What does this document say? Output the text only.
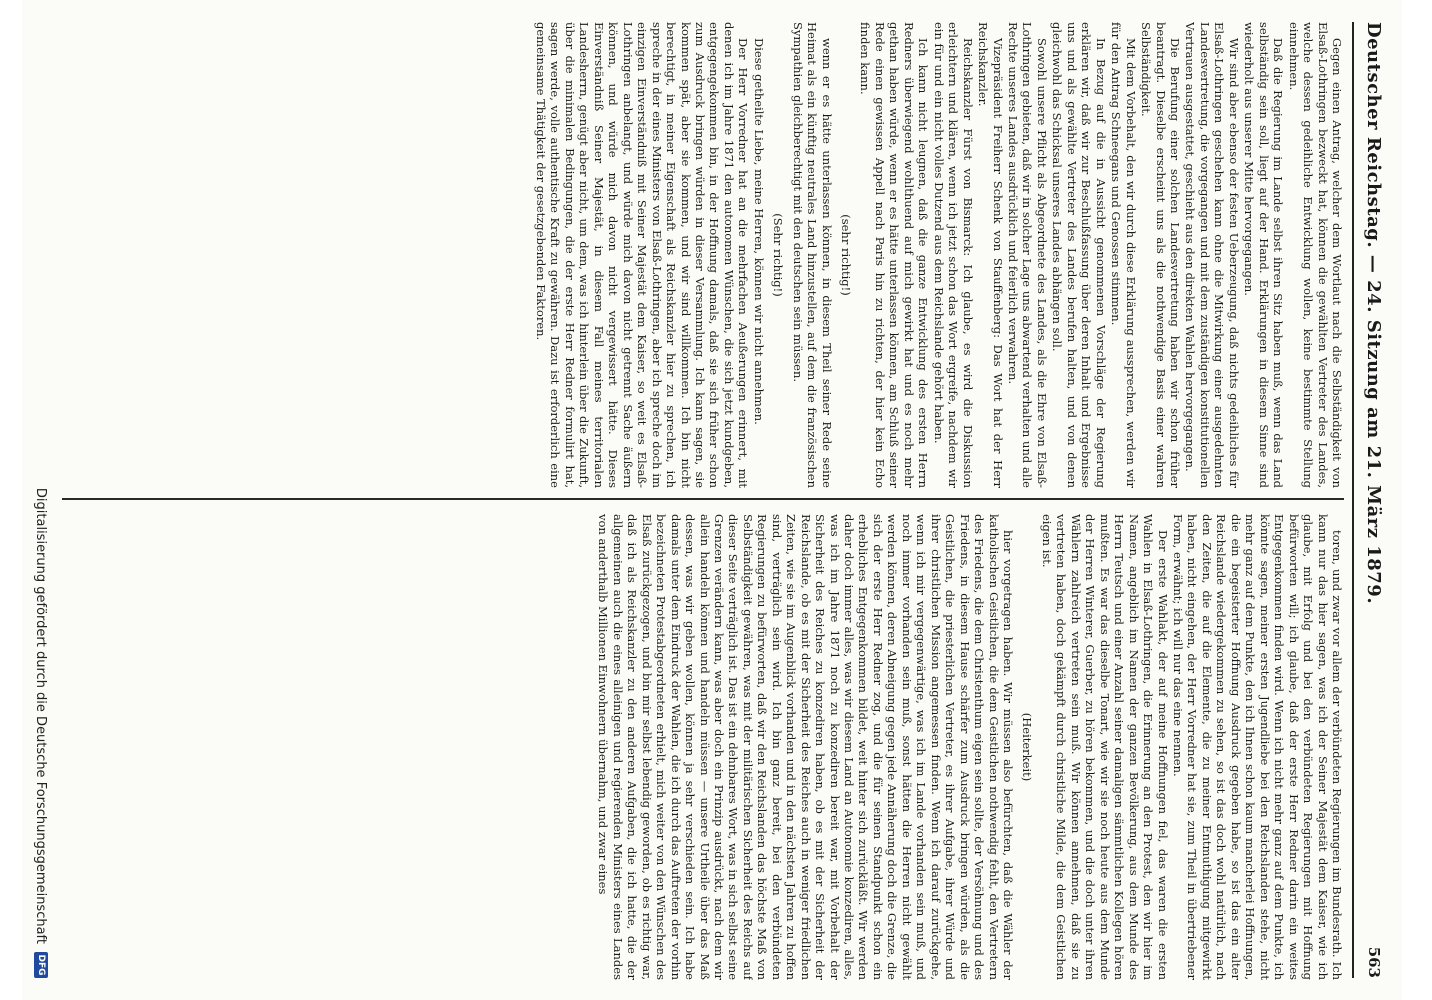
Deutscher Reichstag. — 24. Sitzung am 21. März 1879.
563

Gegen einen Antrag, welcher dem Wortlaut nach die Selbständigkeit von Elsaß-Lothringen bezweckt hat, können die gewählten Vertreter des Landes, welche dessen gedeihliche Entwicklung wollen, keine bestimmte Stellung einnehmen.

Daß die Regierung im Lande selbst ihren Sitz haben muß, wenn das Land selbständig sein soll, liegt auf der Hand. Erklärungen in diesem Sinne sind wiederholt aus unserer Mitte hervorgegangen.

Wir sind aber ebenso der festen Ueberzeugung, daß nichts gedeihliches für Elsaß-Lothringen geschehen kann ohne die Mitwirkung einer ausgedehnten Landesvertretung, die vorgegangen und mit dem zuständigen konstitutionellen Vertrauen ausgestattet, geschieht aus den direkten Wahlen hervorgegangen.

Die Berufung einer solchen Landesvertretung haben wir schon früher beantragt. Dieselbe erscheint uns als die nothwendige Basis einer wahren Selbständigkeit.

Mit dem Vorbehalt, den wir durch diese Erklärung aussprechen, werden wir für den Antrag Schneegans und Genossen stimmen.

In Bezug auf die in Aussicht genommenen Vorschläge der Regierung erklären wir, daß wir zur Beschlußfassung über deren Inhalt und Ergebnisse uns und als gewählte Vertreter des Landes berufen halten, und von denen gleichwohl das Schicksal unseres Landes abhängen soll.

Sowohl unsere Pflicht als Abgeordnete des Landes, als die Ehre von Elsaß-Lothringen gebieten, daß wir in solcher Lage uns abwartend verhalten und alle Rechte unseres Landes ausdrücklich und feierlich verwahren.

Vizepräsident Freiherr Schenk von Stauffenberg: Das Wort hat der Herr Reichskanzler.

Reichskanzler Fürst von Bismarck: Ich glaube, es wird die Diskussion erleichtern und klären, wenn ich jetzt schon das Wort ergreife, nachdem wir ein für und ein nicht volles Dutzend aus dem Reichslande gehört haben.

Ich kann nicht leugnen, daß die ganze Entwicklung des ersten Herrn Redners überwiegend wohlthuend auf mich gewirkt hat und es noch mehr gethan haben würde, wenn er es hätte unterlassen können, am Schluß seiner Rede einen gewissen Appell nach Paris hin zu richten, der hier kein Echo finden kann.

(sehr richtig!)

wenn er es hätte unterlassen können, in diesem Theil seiner Rede seine Heimat als ein künftig neutrales Land hinzustellen, auf dem die französischen Sympathien gleichberechtigt mit den deutschen sein müssen.

(Sehr richtig!)

Diese getheilte Liebe, meine Herren, können wir nicht annehmen.

Der Herr Vorredner hat an die mehrfachen Aeußerungen erinnert, mit denen ich im Jahre 1871 den autonomen Wünschen, die sich jetzt kundgeben, entgegengekommen bin, in der Hoffnung damals, daß sie sich früher schon zum Ausdruck bringen würden in dieser Versammlung. Ich kann sagen, sie kommen spät, aber sie kommen, und wir sind willkommen. Ich bin nicht berechtigt, in meiner Eigenschaft als Reichskanzler hier zu sprechen, ich spreche in der eines Ministers von Elsaß-Lothringen, aber ich spreche doch im einzigen Einverständniß mit Seiner Majestät dem Kaiser, so weit es Elsaß-Lothringen anbelangt, und würde mich davon nicht getrennt Sache äußern können, und würde mich davon nicht vergewissert hätte. Dieses Einverständniß Seiner Majestät, in diesem Fall meines territorialen Landesherrn, genügt aber nicht, um dem, was ich hinterlein über die Zukunft, über die minimalen Bedingungen, die der erste Herr Redner formulirt hat, sagen werde, volle authentische Kraft zu gewähren. Dazu ist erforderlich eine gemeinsame Thätigkeit der gesetzgebenden Faktoren.

toren, und zwar vor allem der verbündeten Regierungen im Bundesrath. Ich kann nur das hier sagen, was ich der Seiner Majestät dem Kaiser, wie ich glaube, mit Erfolg und bei den verbündeten Regierungen mit Hoffnung befürworten will; ich glaube, daß der erste Herr Redner darin ein weites Entgegenkommen finden wird. Wenn ich nicht mehr ganz auf dem Punkte, ich könnte sagen, meiner ersten Jugendliebe bei den Reichslanden stehe, nicht mehr ganz auf dem Punkte, den ich Ihnen schon kaum mancherlei Hoffnungen, die ein begeisterter Hoffnung Ausdruck gegeben habe, so ist das ein alter Reichslande wiedergekommen zu sehen, so ist das doch wohl natürlich, nach den Zeiten, die auf die Elemente, die zu meiner Entmuthigung mitgewirkt haben, nicht eingehen, der Herr Vorredner hat sie, zum Theil in übertriebener Form, erwähnt; ich will nur das eine nennen.

Der erste Wahlakt, der auf meine Hoffnungen fiel, das waren die ersten Wahlen in Elsaß-Lothringen, die Erinnerung an den Protest, den wir hier im Namen, angeblich im Namen der ganzen Bevölkerung, aus dem Munde des Herrn Teutsch und einer Anzahl seiner damaligen sämmtlichen Kollegen hören mußten. Es war das dieselbe Tonart, wie wir sie noch heute aus dem Munde der Herren Winterer, Guerber, zu hören bekommen, und die doch unter ihren Wählern zahlreich vertreten sein muß. Wir können annehmen, daß sie zu vertreten haben, doch gekämpft durch christliche Milde, die dem Geistlichen eigen ist.

(Heiterkeit)

hier vorgetragen haben. Wir müssen also befürchten, daß die Wähler der katholischen Geistlichen, die dem Geistlichen nothwendig fehlt, den Vertretern des Friedens, die dem Christenthum eigen sein sollte, der Versöhnung und des Friedens, in diesem Hause schärfer zum Ausdruck bringen würden, als die Geistlichen, die priesterlichen Vertreter, es ihrer Aufgabe, ihrer Würde und ihrer christlichen Mission angemessen finden. Wenn ich darauf zurückgehe, wenn ich mir vergegenwärtige, was ich im Lande vorhanden sein muß, und noch immer vorhanden sein muß, sonst hätten die Herren nicht gewählt werden können, deren Abneigung gegen jede Annäherung doch die Grenze, die sich der erste Herr Redner zog, und die für seinen Standpunkt schon ein erhebliches Entgegenkommen bildet, weit hinter sich zurückläßt. Wir werden daher doch immer alles, was wir diesem Land an Autonomie konzediren, alles, was ich im Jahre 1871 noch zu konzediren bereit war, mit Vorbehalt der Sicherheit des Reiches zu konzediren haben, ob es mit der Sicherheit der Reichslande, ob es mit der Sicherheit des Reiches auch in weniger friedlichen Zeiten, wie sie im Augenblick vorhanden und in den nächsten Jahren zu hoffen sind, verträglich sein wird. Ich bin ganz bereit, bei den verbündeten Regierungen zu befürworten, daß wir den Reichslanden das höchste Maß von Selbständigkeit gewähren, was mit der militärischen Sicherheit des Reichs auf dieser Seite verträglich ist. Das ist ein dehnbares Wort, was in sich selbst seine Grenzen verändern kann, was aber doch ein Prinzip ausdrückt, nach dem wir allein handeln können und handeln müssen — unsere Urtheile über das Maß dessen, was wir geben wollen, können ja sehr verschieden sein. Ich habe damals unter dem Eindruck der Wahlen, die ich durch das Auftreten der vorhin bezeichneten Protestabgeordneten erhielt, mich weiter von den Wünschen des Elsaß zurückgezogen, und bin mir selbst lebendig geworden, ob es richtig war, daß ich als Reichskanzler zu den anderen Aufgaben, die ich hatte, die der allgemeinen auch die eines alleinigen und regierenden Ministers eines Landes von anderthalb Millionen Einwohnern übernahm, und zwar eines

Digitalisierung gefördert durch die Deutsche Forschungsgemeinschaft
DFG
